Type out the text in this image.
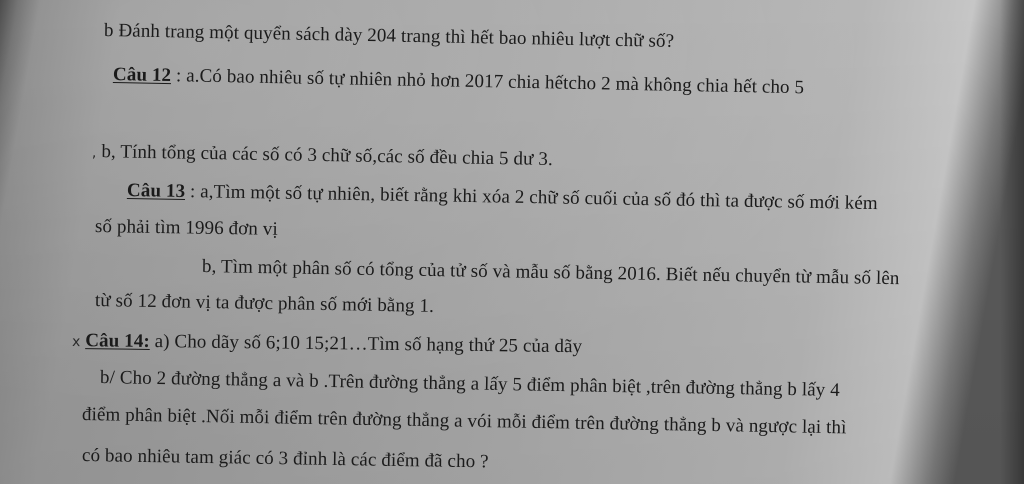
b Đánh trang một quyển sách dày 204 trang thì hết bao nhiêu lượt chữ số?
Câu 12 : a.Có bao nhiêu số tự nhiên nhỏ hơn 2017 chia hếtcho 2 mà không chia hết cho 5
, b, Tính tổng của các số có 3 chữ số,các số đều chia 5 dư 3.
Câu 13 : a,Tìm một số tự nhiên, biết rằng khi xóa 2 chữ số cuối của số đó thì ta được số mới kém
số phải tìm 1996 đơn vị
b, Tìm một phân số có tổng của tử số và mẫu số bằng 2016. Biết nếu chuyển từ mẫu số lên
từ số 12 đơn vị ta được phân số mới bằng 1.
x Câu 14: a) Cho dãy số 6;10 15;21…Tìm số hạng thứ 25 của dãy
b/ Cho 2 đường thẳng a và b .Trên đường thẳng a lấy 5 điểm phân biệt ,trên đường thẳng b lấy 4
điểm phân biệt .Nối mỗi điểm trên đường thẳng a vói mỗi điểm trên đường thẳng b và ngược lại thì
có bao nhiêu tam giác có 3 đỉnh là các điểm đã cho ?
